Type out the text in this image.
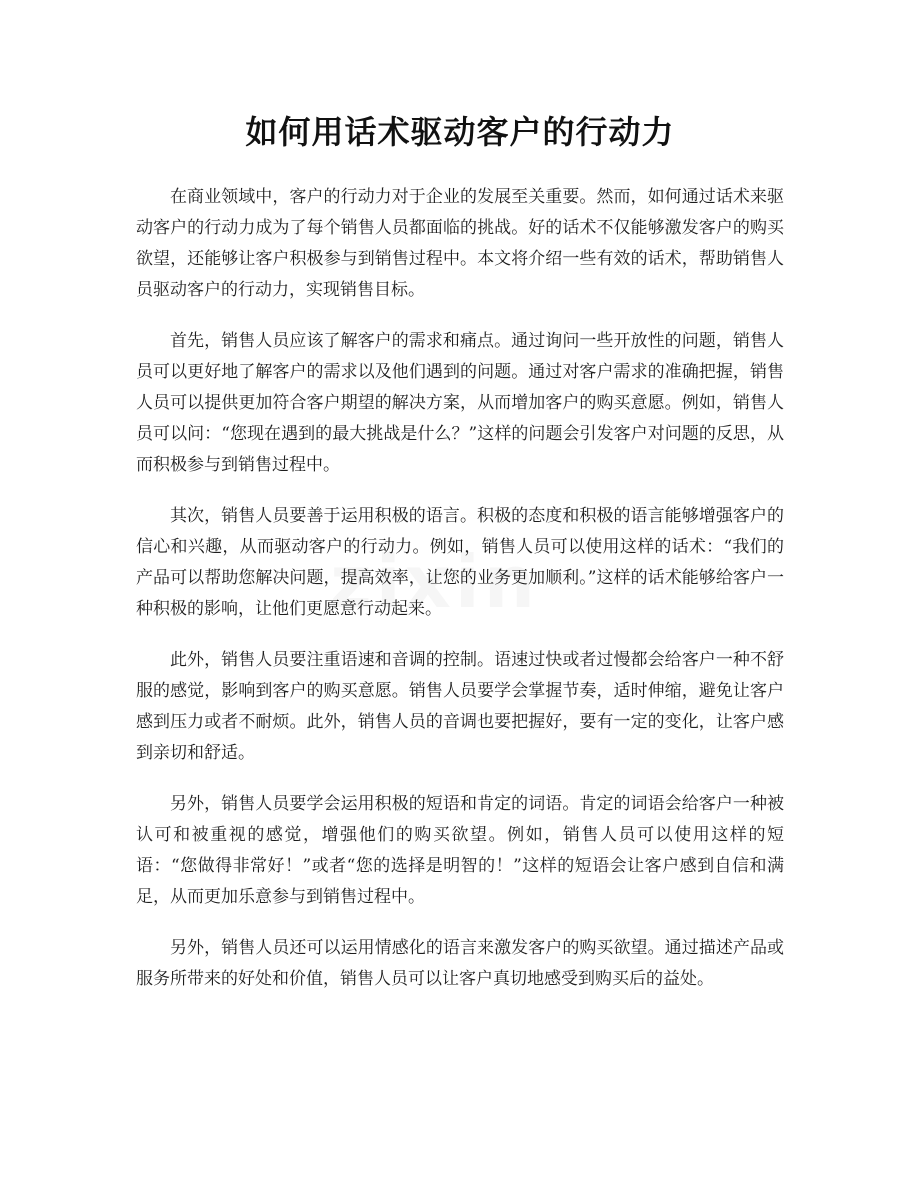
如何用话术驱动客户的行动力

在商业领域中，客户的行动力对于企业的发展至关重要。然而，如何通过话术来驱动客户的行动力成为了每个销售人员都面临的挑战。好的话术不仅能够激发客户的购买欲望，还能够让客户积极参与到销售过程中。本文将介绍一些有效的话术，帮助销售人员驱动客户的行动力，实现销售目标。

首先，销售人员应该了解客户的需求和痛点。通过询问一些开放性的问题，销售人员可以更好地了解客户的需求以及他们遇到的问题。通过对客户需求的准确把握，销售人员可以提供更加符合客户期望的解决方案，从而增加客户的购买意愿。例如，销售人员可以问：“您现在遇到的最大挑战是什么？”这样的问题会引发客户对问题的反思，从而积极参与到销售过程中。

其次，销售人员要善于运用积极的语言。积极的态度和积极的语言能够增强客户的信心和兴趣，从而驱动客户的行动力。例如，销售人员可以使用这样的话术：“我们的产品可以帮助您解决问题，提高效率，让您的业务更加顺利。”这样的话术能够给客户一种积极的影响，让他们更愿意行动起来。

此外，销售人员要注重语速和音调的控制。语速过快或者过慢都会给客户一种不舒服的感觉，影响到客户的购买意愿。销售人员要学会掌握节奏，适时伸缩，避免让客户感到压力或者不耐烦。此外，销售人员的音调也要把握好，要有一定的变化，让客户感到亲切和舒适。

另外，销售人员要学会运用积极的短语和肯定的词语。肯定的词语会给客户一种被认可和被重视的感觉，增强他们的购买欲望。例如，销售人员可以使用这样的短语：“您做得非常好！”或者“您的选择是明智的！”这样的短语会让客户感到自信和满足，从而更加乐意参与到销售过程中。

另外，销售人员还可以运用情感化的语言来激发客户的购买欲望。通过描述产品或服务所带来的好处和价值，销售人员可以让客户真切地感受到购买后的益处。
